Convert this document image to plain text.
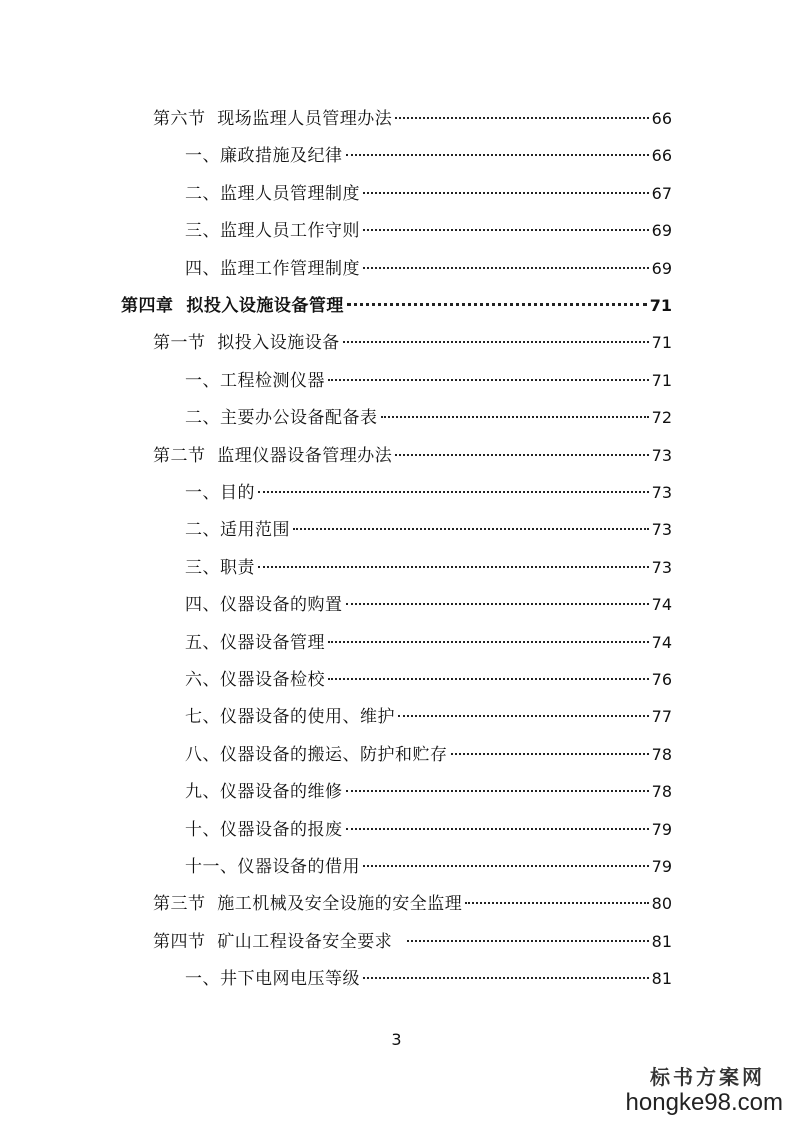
第六节  现场监理人员管理办法	66
一、廉政措施及纪律	66
二、监理人员管理制度	67
三、监理人员工作守则	69
四、监理工作管理制度	69
第四章  拟投入设施设备管理	71
第一节  拟投入设施设备	71
一、工程检测仪器	71
二、主要办公设备配备表	72
第二节  监理仪器设备管理办法	73
一、目的	73
二、适用范围	73
三、职责	73
四、仪器设备的购置	74
五、仪器设备管理	74
六、仪器设备检校	76
七、仪器设备的使用、维护	77
八、仪器设备的搬运、防护和贮存	78
九、仪器设备的维修	78
十、仪器设备的报废	79
十一、仪器设备的借用	79
第三节  施工机械及安全设施的安全监理	80
第四节  矿山工程设备安全要求	81
一、井下电网电压等级	81
3
标书方案网
hongke98.com
